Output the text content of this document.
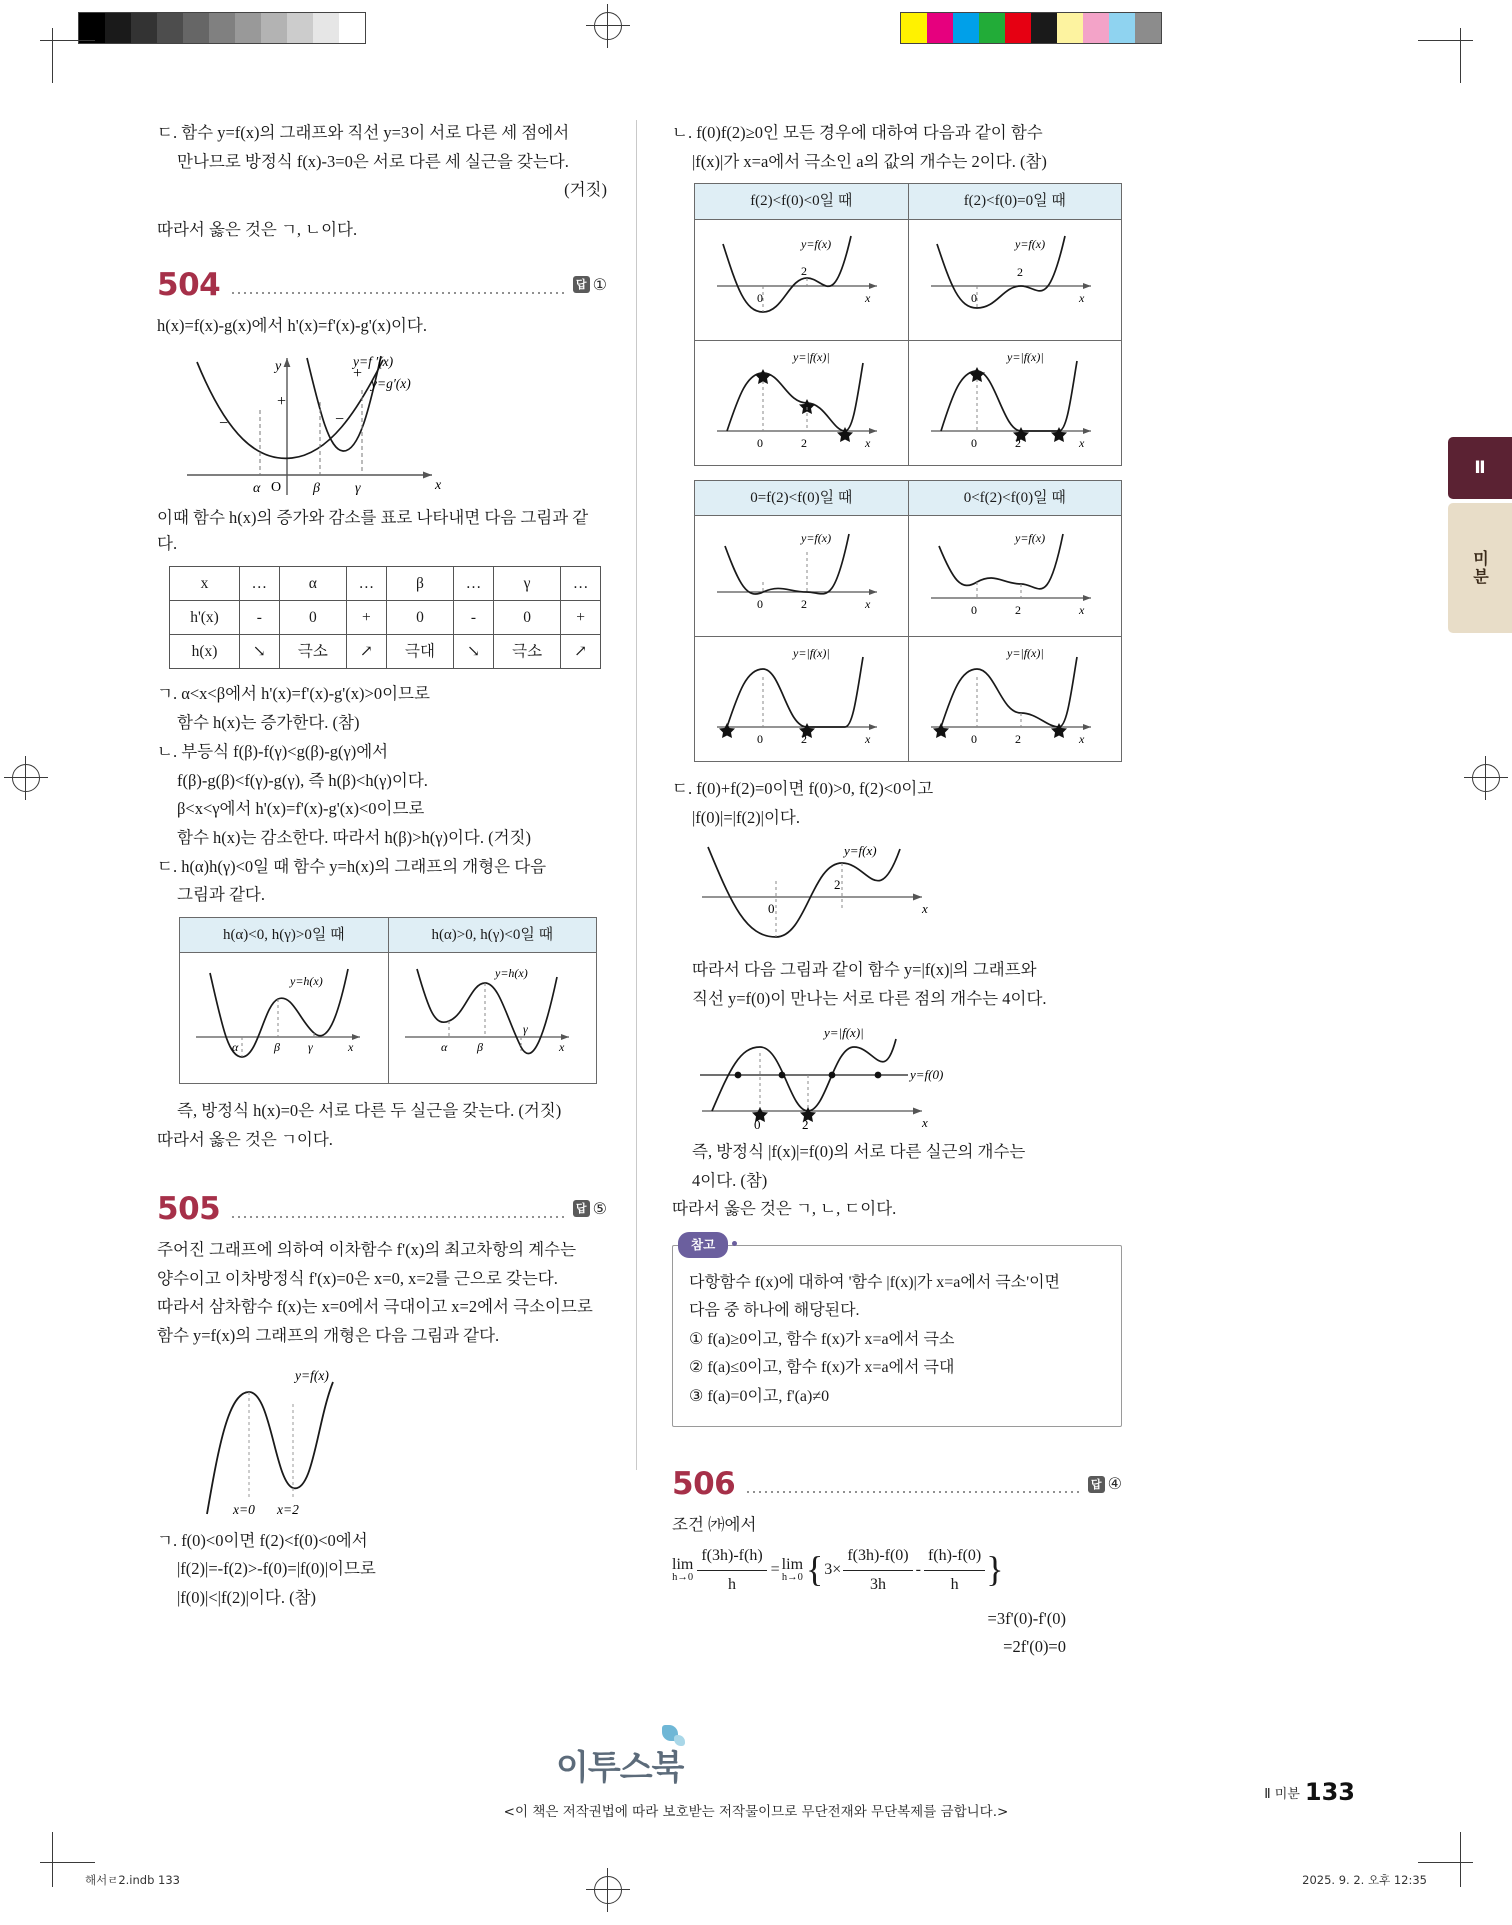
ㄷ. 함수 y=f(x)의 그래프와 직선 y=3이 서로 다른 세 점에서

만나므로 방정식 f(x)-3=0은 서로 다른 세 실근을 갖는다.

(거짓)

따라서 옳은 것은 ㄱ, ㄴ이다.

504	답 ①

h(x)=f(x)-g(x)에서 h'(x)=f'(x)-g'(x)이다.

−
+
−
+
y
x
O
α	β	γ
y=f ′(x)
y=g′(x)

이때 함수 h(x)의 증가와 감소를 표로 나타내면 다음 그림과 같다.

x	…	α	…	β	…	γ	…
h'(x)	-	0	+	0	-	0	+
h(x)	↘	극소	↗	극대	↘	극소	↗

ㄱ. α<x<β에서 h'(x)=f'(x)-g'(x)>0이므로

함수 h(x)는 증가한다. (참)

ㄴ. 부등식 f(β)-f(γ)<g(β)-g(γ)에서

f(β)-g(β)<f(γ)-g(γ), 즉 h(β)<h(γ)이다.

β<x<γ에서 h'(x)=f'(x)-g'(x)<0이므로

함수 h(x)는 감소한다. 따라서 h(β)>h(γ)이다. (거짓)

ㄷ. h(α)h(γ)<0일 때 함수 y=h(x)의 그래프의 개형은 다음

그림과 같다.

h(α)<0, h(γ)>0일 때	h(α)>0, h(γ)<0일 때

α β γ x
y=h(x)	α β
γ
x
y=h(x)

즉, 방정식 h(x)=0은 서로 다른 두 실근을 갖는다. (거짓)

따라서 옳은 것은 ㄱ이다.

505	답 ⑤

주어진 그래프에 의하여 이차함수 f'(x)의 최고차항의 계수는

양수이고 이차방정식 f'(x)=0은 x=0, x=2를 근으로 갖는다.

따라서 삼차함수 f(x)는 x=0에서 극대이고 x=2에서 극소이므로

함수 y=f(x)의 그래프의 개형은 다음 그림과 같다.

x=0 x=2
y=f(x)

ㄱ. f(0)<0이면 f(2)<f(0)<0에서

|f(2)|=-f(2)>-f(0)=|f(0)|이므로

|f(0)|<|f(2)|이다. (참)

ㄴ. f(0)f(2)≥0인 모든 경우에 대하여 다음과 같이 함수

|f(x)|가 x=a에서 극소인 a의 값의 개수는 2이다. (참)

f(2)<f(0)<0일 때	f(2)<f(0)=0일 때

0
2
x
y=f(x)	0
2
x
y=f(x)

0 2 x
y=|f(x)|	0 2 x
y=|f(x)|
0=f(2)<f(0)일 때	0<f(2)<f(0)일 때

0 2 x
y=f(x)	0 2 x
y=f(x)

0 2 x
y=|f(x)|	0 2 x
y=|f(x)|

ㄷ. f(0)+f(2)=0이면 f(0)>0, f(2)<0이고

|f(0)|=|f(2)|이다.

0
2
x
y=f(x)

따라서 다음 그림과 같이 함수 y=|f(x)|의 그래프와

직선 y=f(0)이 만나는 서로 다른 점의 개수는 4이다.

0	2	x
y=f(0)
y=|f(x)|

즉, 방정식 |f(x)|=f(0)의 서로 다른 실근의 개수는

4이다. (참)

따라서 옳은 것은 ㄱ, ㄴ, ㄷ이다.

참고

다항함수 f(x)에 대하여 '함수 |f(x)|가 x=a에서 극소'이면

다음 중 하나에 해당된다.

① f(a)≥0이고, 함수 f(x)가 x=a에서 극소

② f(a)≤0이고, 함수 f(x)가 x=a에서 극대

③ f(a)=0이고, f'(a)≠0

506	답 ④

조건 ㈎에서

lim
$h\to 0 \frac{f(3h)-f(h)}{h} = \lim$
h→0 { $3\times \frac{f(3h)-f(0)}{3h} - \frac{f(h)-f(0)}{h}$ }

=3f'(0)-f'(0)

=2f'(0)=0

Ⅱ
미분
이투스북
<이 책은 저작권법에 따라 보호받는 저작물이므로 무단전재와 무단복제를 금합니다.>
Ⅱ 미분 133
해서ㄹ2.indb 133	2025. 9. 2. 오후 12:35
